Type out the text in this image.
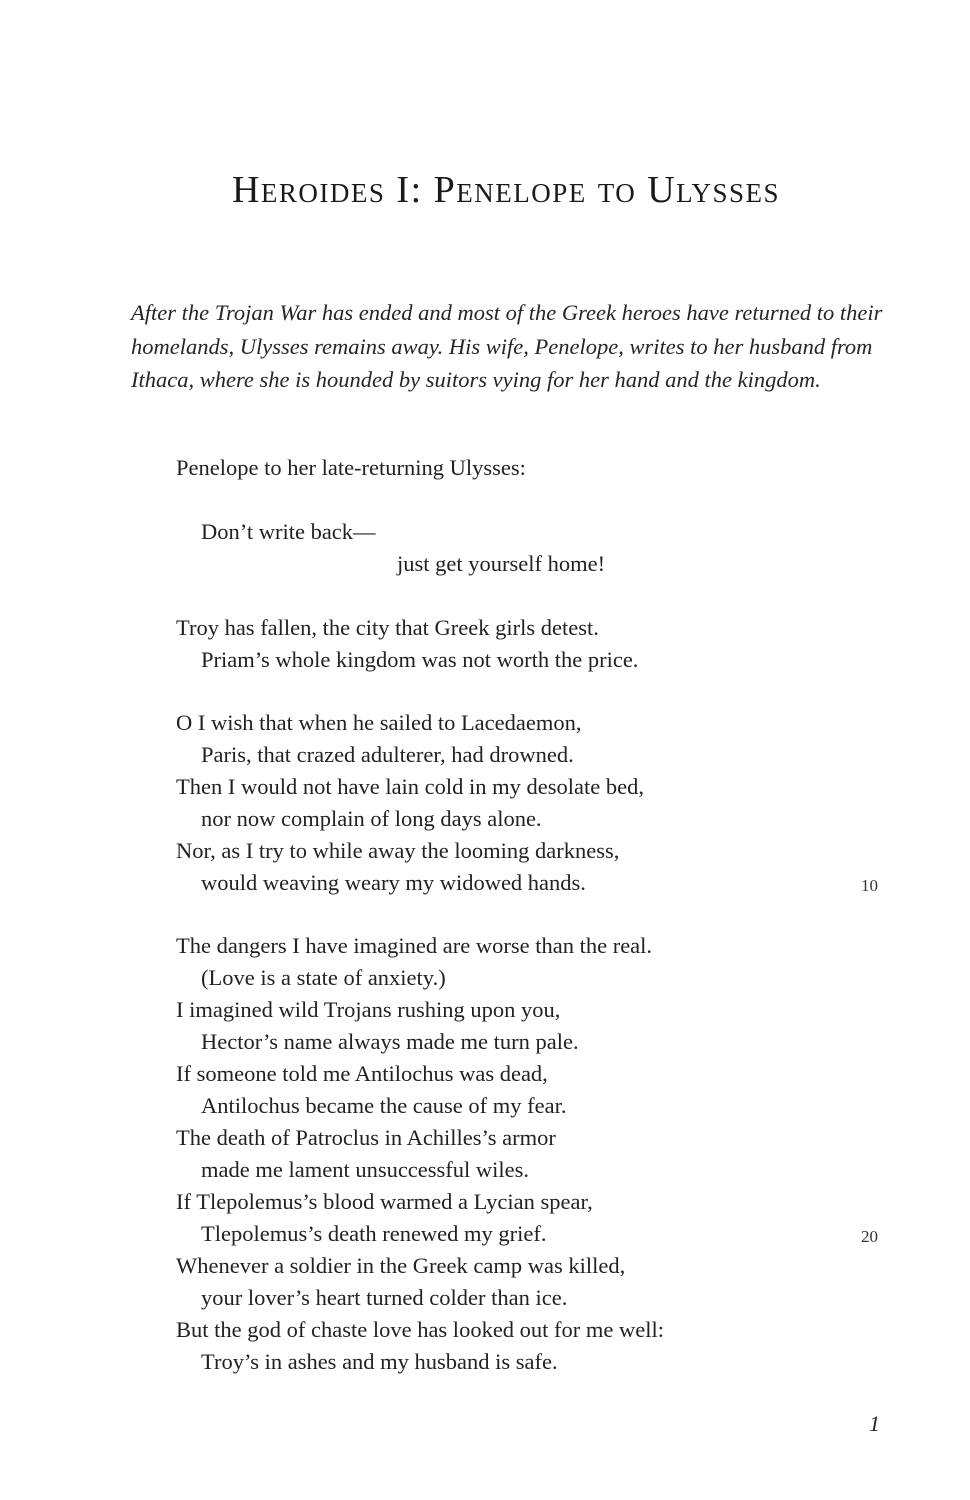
Heroides I: Penelope to Ulysses

After the Trojan War has ended and most of the Greek heroes have returned to their homelands, Ulysses remains away. His wife, Penelope, writes to her husband from Ithaca, where she is hounded by suitors vying for her hand and the kingdom.

Penelope to her late-returning Ulysses:
Don’t write back—
just get yourself home!
Troy has fallen, the city that Greek girls detest.
Priam’s whole kingdom was not worth the price.
O I wish that when he sailed to Lacedaemon,
Paris, that crazed adulterer, had drowned.
Then I would not have lain cold in my desolate bed,
nor now complain of long days alone.
Nor, as I try to while away the looming darkness,
would weaving weary my widowed hands.	10
The dangers I have imagined are worse than the real.
(Love is a state of anxiety.)
I imagined wild Trojans rushing upon you,
Hector’s name always made me turn pale.
If someone told me Antilochus was dead,
Antilochus became the cause of my fear.
The death of Patroclus in Achilles’s armor
made me lament unsuccessful wiles.
If Tlepolemus’s blood warmed a Lycian spear,
Tlepolemus’s death renewed my grief.	20
Whenever a soldier in the Greek camp was killed,
your lover’s heart turned colder than ice.
But the god of chaste love has looked out for me well:
Troy’s in ashes and my husband is safe.
1
